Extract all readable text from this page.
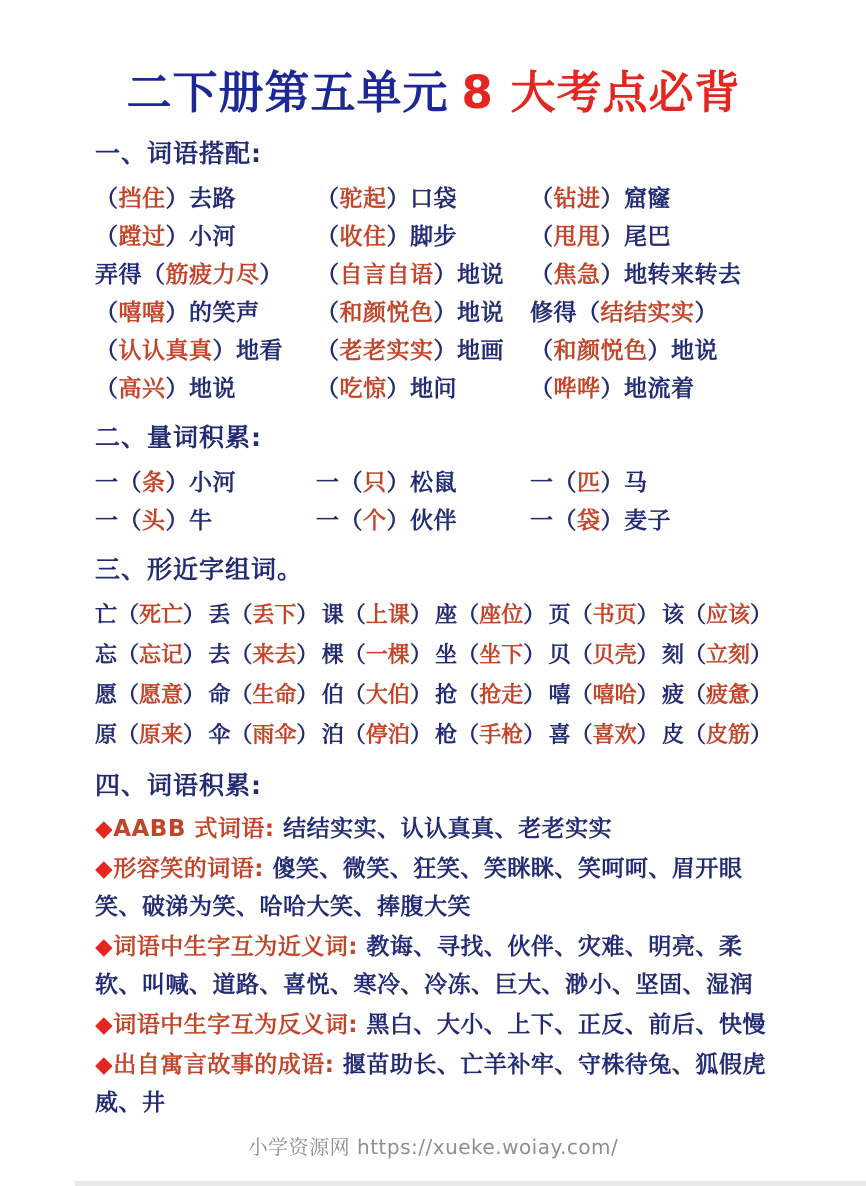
二下册第五单元 8 大考点必背
一、词语搭配:
（挡住）去路	（驼起）口袋	（钻进）窟窿
（蹚过）小河	（收住）脚步	（甩甩）尾巴
弄得（筋疲力尽）	（自言自语）地说	（焦急）地转来转去
（嘻嘻）的笑声	（和颜悦色）地说	修得（结结实实）
（认认真真）地看	（老老实实）地画	（和颜悦色）地说
（高兴）地说	（吃惊）地问	（哗哗）地流着
二、量词积累:
一（条）小河	一（只）松鼠	一（匹）马
一（头）牛	一（个）伙伴	一（袋）麦子
三、形近字组词。
亡（死亡） 丢（丢下） 课（上课） 座（座位） 页（书页） 该（应该）
忘（忘记） 去（来去） 棵（一棵） 坐（坐下） 贝（贝壳） 刻（立刻）
愿（愿意） 命（生命） 伯（大伯） 抢（抢走） 嘻（嘻哈） 疲（疲惫）
原（原来） 伞（雨伞） 泊（停泊） 枪（手枪） 喜（喜欢） 皮（皮筋）
四、词语积累:

◆AABB 式词语: 结结实实、认认真真、老老实实

◆形容笑的词语: 傻笑、微笑、狂笑、笑眯眯、笑呵呵、眉开眼笑、破涕为笑、哈哈大笑、捧腹大笑

◆词语中生字互为近义词: 教诲、寻找、伙伴、灾难、明亮、柔软、叫喊、道路、喜悦、寒冷、冷冻、巨大、渺小、坚固、湿润

◆词语中生字互为反义词: 黑白、大小、上下、正反、前后、快慢

◆出自寓言故事的成语: 揠苗助长、亡羊补牢、守株待兔、狐假虎威、井

小学资源网 https://xueke.woiay.com/
